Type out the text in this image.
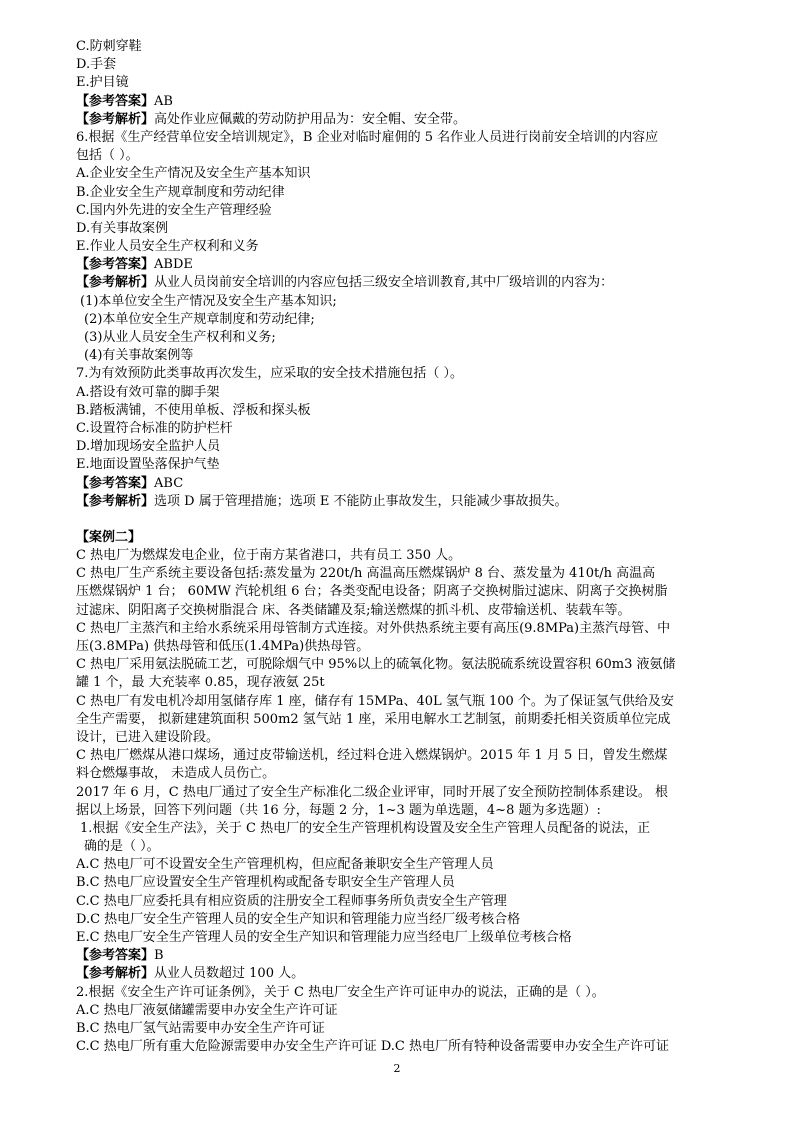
C.防刺穿鞋
D.手套
E.护目镜
【参考答案】AB
【参考解析】高处作业应佩戴的劳动防护用品为：安全帽、安全带。
6.根据《生产经营单位安全培训规定》，B 企业对临时雇佣的 5 名作业人员进行岗前安全培训的内容应
包括（ ）。
A.企业安全生产情况及安全生产基本知识
B.企业安全生产规章制度和劳动纪律
C.国内外先进的安全生产管理经验
D.有关事故案例
E.作业人员安全生产权利和义务
【参考答案】ABDE
【参考解析】从业人员岗前安全培训的内容应包括三级安全培训教育,其中厂级培训的内容为：
(1)本单位安全生产情况及安全生产基本知识;
(2)本单位安全生产规章制度和劳动纪律;
(3)从业人员安全生产权利和义务;
(4)有关事故案例等
7.为有效预防此类事故再次发生，应采取的安全技术措施包括（ ）。
A.搭设有效可靠的脚手架
B.踏板满铺，不使用单板、浮板和探头板
C.设置符合标准的防护栏杆
D.增加现场安全监护人员
E.地面设置坠落保护气垫
【参考答案】ABC
【参考解析】选项 D 属于管理措施；选项 E 不能防止事故发生，只能减少事故损失。
【案例二】
C 热电厂为燃煤发电企业，位于南方某省港口，共有员工 350 人。
C 热电厂生产系统主要设备包括:蒸发量为 220t/h 高温高压燃煤锅炉 8 台、蒸发量为 410t/h 高温高
压燃煤锅炉 1 台； 60MW 汽轮机组 6 台；各类变配电设备；阴离子交换树脂过滤床、阴离子交换树脂
过滤床、阴阳离子交换树脂混合 床、各类储罐及泵;输送燃煤的抓斗机、皮带输送机、装载车等。
C 热电厂主蒸汽和主给水系统采用母管制方式连接。对外供热系统主要有高压(9.8MPa)主蒸汽母管、中
压(3.8MPa) 供热母管和低压(1.4MPa)供热母管。
C 热电厂采用氨法脱硫工艺，可脱除烟气中 95%以上的硫氧化物。氨法脱硫系统设置容积 60m3 液氨储
罐 1 个，最 大充装率 0.85，现存液氨 25t
C 热电厂有发电机冷却用氢储存库 1 座，储存有 15MPa、40L 氢气瓶 100 个。为了保证氢气供给及安
全生产需要， 拟新建建筑面积 500m2 氢气站 1 座，采用电解水工艺制氢，前期委托相关资质单位完成
设计，已进入建设阶段。
C 热电厂燃煤从港口煤场，通过皮带输送机，经过料仓进入燃煤锅炉。2015 年 1 月 5 日，曾发生燃煤
料仓燃爆事故， 未造成人员伤亡。
2017 年 6 月，C 热电厂通过了安全生产标准化二级企业评审，同时开展了安全预防控制体系建设。 根
据以上场景，回答下列问题（共 16 分，每题 2 分，1~3 题为单选题，4~8 题为多选题）:
1.根据《安全生产法》，关于 C 热电厂的安全生产管理机构设置及安全生产管理人员配备的说法，正
确的是（ ）。
A.C 热电厂可不设置安全生产管理机构，但应配备兼职安全生产管理人员
B.C 热电厂应设置安全生产管理机构或配备专职安全生产管理人员
C.C 热电厂应委托具有相应资质的注册安全工程师事务所负责安全生产管理
D.C 热电厂安全生产管理人员的安全生产知识和管理能力应当经厂级考核合格
E.C 热电厂安全生产管理人员的安全生产知识和管理能力应当经电厂上级单位考核合格
【参考答案】B
【参考解析】从业人员数超过 100 人。
2.根据《安全生产许可证条例》，关于 C 热电厂安全生产许可证申办的说法，正确的是（ ）。
A.C 热电厂液氨储罐需要申办安全生产许可证
B.C 热电厂氢气站需要申办安全生产许可证
C.C 热电厂所有重大危险源需要申办安全生产许可证 D.C 热电厂所有特种设备需要申办安全生产许可证
2
